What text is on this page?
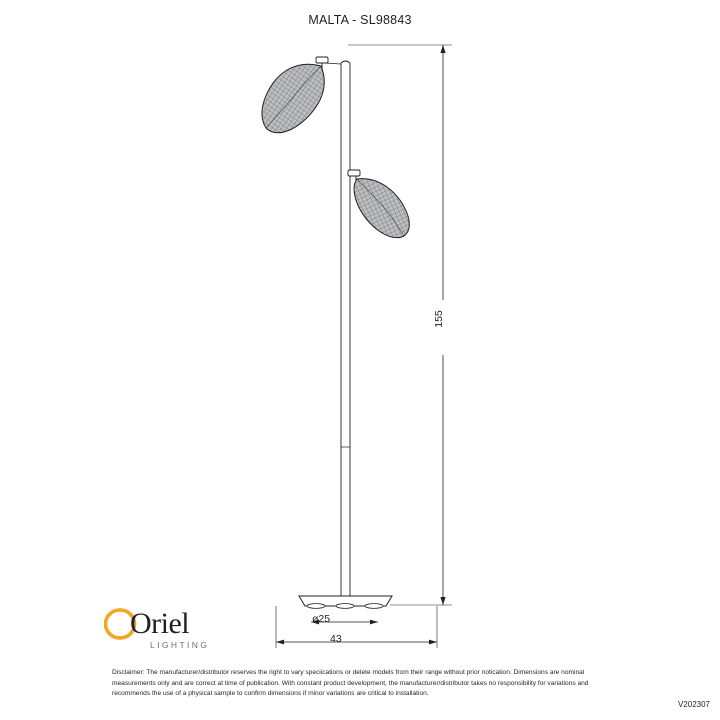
MALTA - SL98843
155
ø25
43
Oriel
LIGHTING
Disclaimer: The manufacturer/distributor reserves the right to vary speciications or delete models from their range without prior notication. Dimensions are nominal measurements only and are correct at time of publication. With constant product development, the manufacturer/distributor takes no responsibility for variations and recommends the use of a physical sample to confirm dimensions if minor variations are critical to installation.
V202307
